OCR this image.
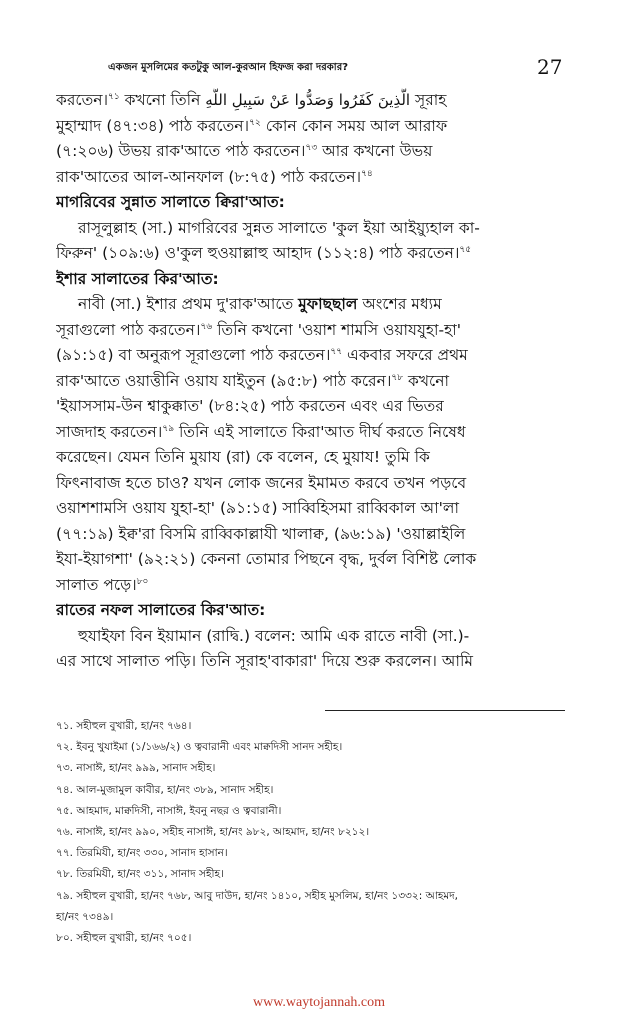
একজন মুসলিমের কতটুকু আল-কুরআন হিফজ করা দরকার?	27
করতেন।$^{৭১}$ কখনো তিনি الَّذِينَ كَفَرُوا وَصَدُّوا عَنْ سَبِيلِ اللَّهِ সূরাহ
মুহাম্মাদ (৪৭:৩৪) পাঠ করতেন।$^{৭২}$ কোন কোন সময় আল আরাফ
(৭:২০৬) উভয় রাক'আতে পাঠ করতেন।$^{৭৩}$ আর কখনো উভয়
রাক'আতের আল-আনফাল (৮:৭৫) পাঠ করতেন।$^{৭৪}$
মাগরিবের সুন্নাত সালাতে ক্বিরা'আত:
রাসূলুল্লাহ (সা.) মাগরিবের সুন্নত সালাতে 'কুল ইয়া আইয়্যুহাল কা-
ফিরুন' (১০৯:৬) ও'কুল হুওয়াল্লাহু আহাদ (১১২:৪) পাঠ করতেন।$^{৭৫}$
ইশার সালাতের কির'আত:
নাবী (সা.) ইশার প্রথম দু'রাক'আতে মুফাছছাল অংশের মধ্যম
সূরাগুলো পাঠ করতেন।$^{৭৬}$ তিনি কখনো 'ওয়াশ শামসি ওয়াযযুহা-হা'
(৯১:১৫) বা অনুরূপ সূরাগুলো পাঠ করতেন।$^{৭৭}$ একবার সফরে প্রথম
রাক'আতে ওয়াত্তীনি ওয়ায যাইতুন (৯৫:৮) পাঠ করেন।$^{৭৮}$ কখনো
'ইয়াসসাম-উন শ্বাকুক্কাত' (৮৪:২৫) পাঠ করতেন এবং এর ভিতর
সাজদাহ করতেন।$^{৭৯}$ তিনি এই সালাতে কিরা'আত দীর্ঘ করতে নিষেধ
করেছেন। যেমন তিনি মুয়ায (রা) কে বলেন, হে মুয়ায! তুমি কি
ফিৎনাবাজ হতে চাও? যখন লোক জনের ইমামত করবে তখন পড়বে
ওয়াশশামসি ওয়ায যুহা-হা' (৯১:১৫) সাব্বিহিসমা রাব্বিকাল আ'লা
(৭৭:১৯) ইক্ব'রা বিসমি রাব্বিকাল্লাযী খালাক্ব, (৯৬:১৯) 'ওয়াল্লাইলি
ইযা-ইয়াগশা' (৯২:২১) কেননা তোমার পিছনে বৃদ্ধ, দুর্বল বিশিষ্ট লোক
সালাত পড়ে।$^{৮০}$
রাতের নফল সালাতের কির'আত:
হুযাইফা বিন ইয়ামান (রাদ্বি.) বলেন: আমি এক রাতে নাবী (সা.)-
এর সাথে সালাত পড়ি। তিনি সূরাহ'বাকারা' দিয়ে শুরু করলেন। আমি
৭১. সহীহুল বুখারী, হা/নং ৭৬৪।
৭২. ইবনু খুযাইমা (১/১৬৬/২) ও ত্ববারানী এবং মাক্বদিসী সানদ সহীহ।
৭৩. নাসাঈ, হা/নং ৯৯৯, সানাদ সহীহ।
৭৪. আল-মুজামুল কাবীর, হা/নং ৩৮৯, সানাদ সহীহ।
৭৫. আহমাদ, মাক্বদিসী, নাসাঈ, ইবনু নছর ও ত্ববারানী।
৭৬. নাসাঈ, হা/নং ৯৯০, সহীহ নাসাঈ, হা/নং ৯৮২, আহমাদ, হা/নং ৮২১২।
৭৭. তিরমিযী, হা/নং ৩৩০, সানাদ হাসান।
৭৮. তিরমিযী, হা/নং ৩১১, সানাদ সহীহ।
৭৯. সহীহুল বুখারী, হা/নং ৭৬৮, আবু দাউদ, হা/নং ১৪১০, সহীহ মুসলিম, হা/নং ১৩৩২: আহমদ,
হা/নং ৭৩৪৯।
৮০. সহীহুল বুখারী, হা/নং ৭০৫।
www.waytojannah.com
